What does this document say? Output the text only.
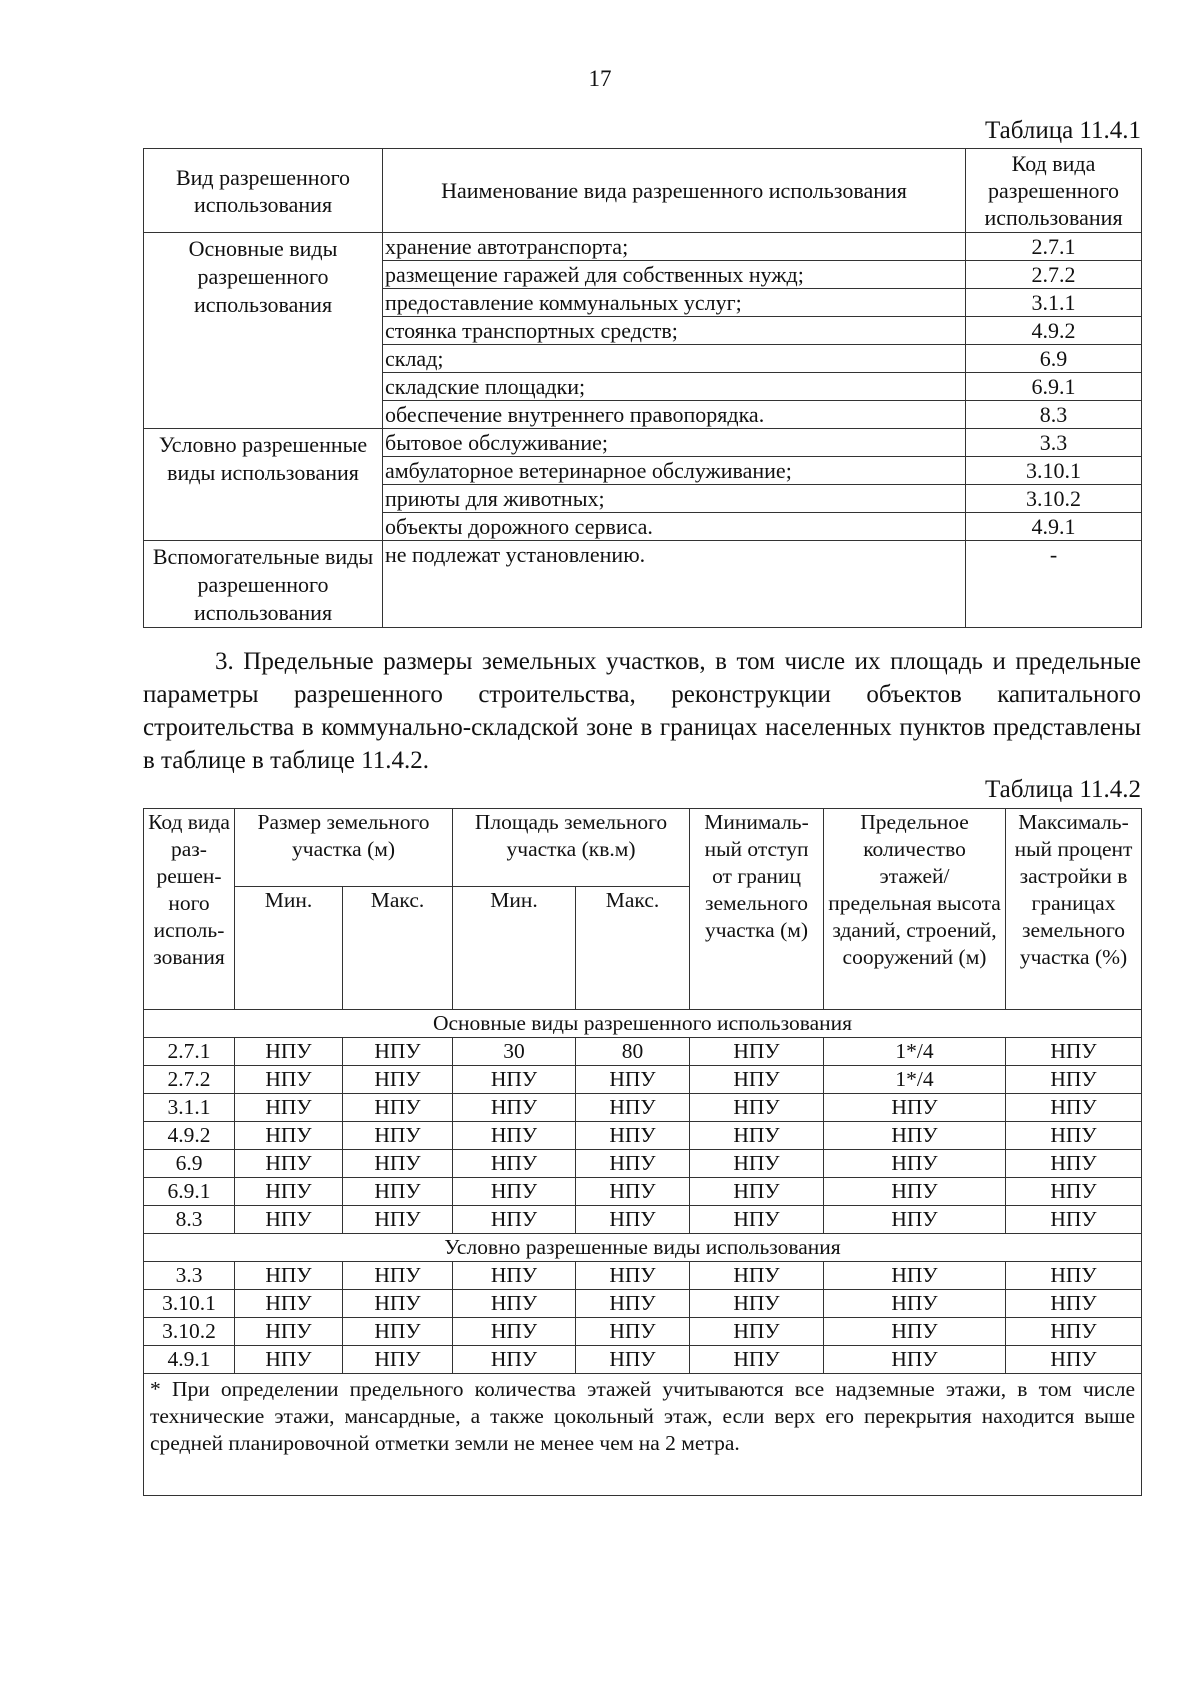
17
Таблица 11.4.1
Вид разрешенного использования	Наименование вида разрешенного использования	Код вида разрешенного использования
Основные виды разрешенного использования	хранение автотранспорта;	2.7.1
	размещение гаражей для собственных нужд;	2.7.2
	предоставление коммунальных услуг;	3.1.1
	стоянка транспортных средств;	4.9.2
	склад;	6.9
	складские площадки;	6.9.1
	обеспечение внутреннего правопорядка.	8.3
Условно разрешенные виды использования	бытовое обслуживание;	3.3
	амбулаторное ветеринарное обслуживание;	3.10.1
	приюты для животных;	3.10.2
	объекты дорожного сервиса.	4.9.1
Вспомогательные виды разрешенного использования	не подлежат установлению.	-

3. Предельные размеры земельных участков, в том числе их площадь и предельные параметры разрешенного строительства, реконструкции объектов капитального строительства в коммунально-складской зоне в границах населенных пунктов представлены в таблице в таблице 11.4.2.

Таблица 11.4.2
Код вида раз-решен-ного исполь-зования	Размер земельного участка (м)		Площадь земельного участка (кв.м)		Минималь-ный отступ от границ земельного участка (м)	Предельное количество этажей/ предельная высота зданий, строений, сооружений (м)	Максималь-ный процент застройки в границах земельного участка (%)
	Мин.	Макс.	Мин.	Макс.			
Основные виды разрешенного использования							
2.7.1	НПУ	НПУ	30	80	НПУ	1*/4	НПУ
2.7.2	НПУ	НПУ	НПУ	НПУ	НПУ	1*/4	НПУ
3.1.1	НПУ	НПУ	НПУ	НПУ	НПУ	НПУ	НПУ
4.9.2	НПУ	НПУ	НПУ	НПУ	НПУ	НПУ	НПУ
6.9	НПУ	НПУ	НПУ	НПУ	НПУ	НПУ	НПУ
6.9.1	НПУ	НПУ	НПУ	НПУ	НПУ	НПУ	НПУ
8.3	НПУ	НПУ	НПУ	НПУ	НПУ	НПУ	НПУ
Условно разрешенные виды использования							
3.3	НПУ	НПУ	НПУ	НПУ	НПУ	НПУ	НПУ
3.10.1	НПУ	НПУ	НПУ	НПУ	НПУ	НПУ	НПУ
3.10.2	НПУ	НПУ	НПУ	НПУ	НПУ	НПУ	НПУ
4.9.1	НПУ	НПУ	НПУ	НПУ	НПУ	НПУ	НПУ
* При определении предельного количества этажей учитываются все надземные этажи, в том числе технические этажи, мансардные, а также цокольный этаж, если верх его перекрытия находится выше средней планировочной отметки земли не менее чем на 2 метра.							
